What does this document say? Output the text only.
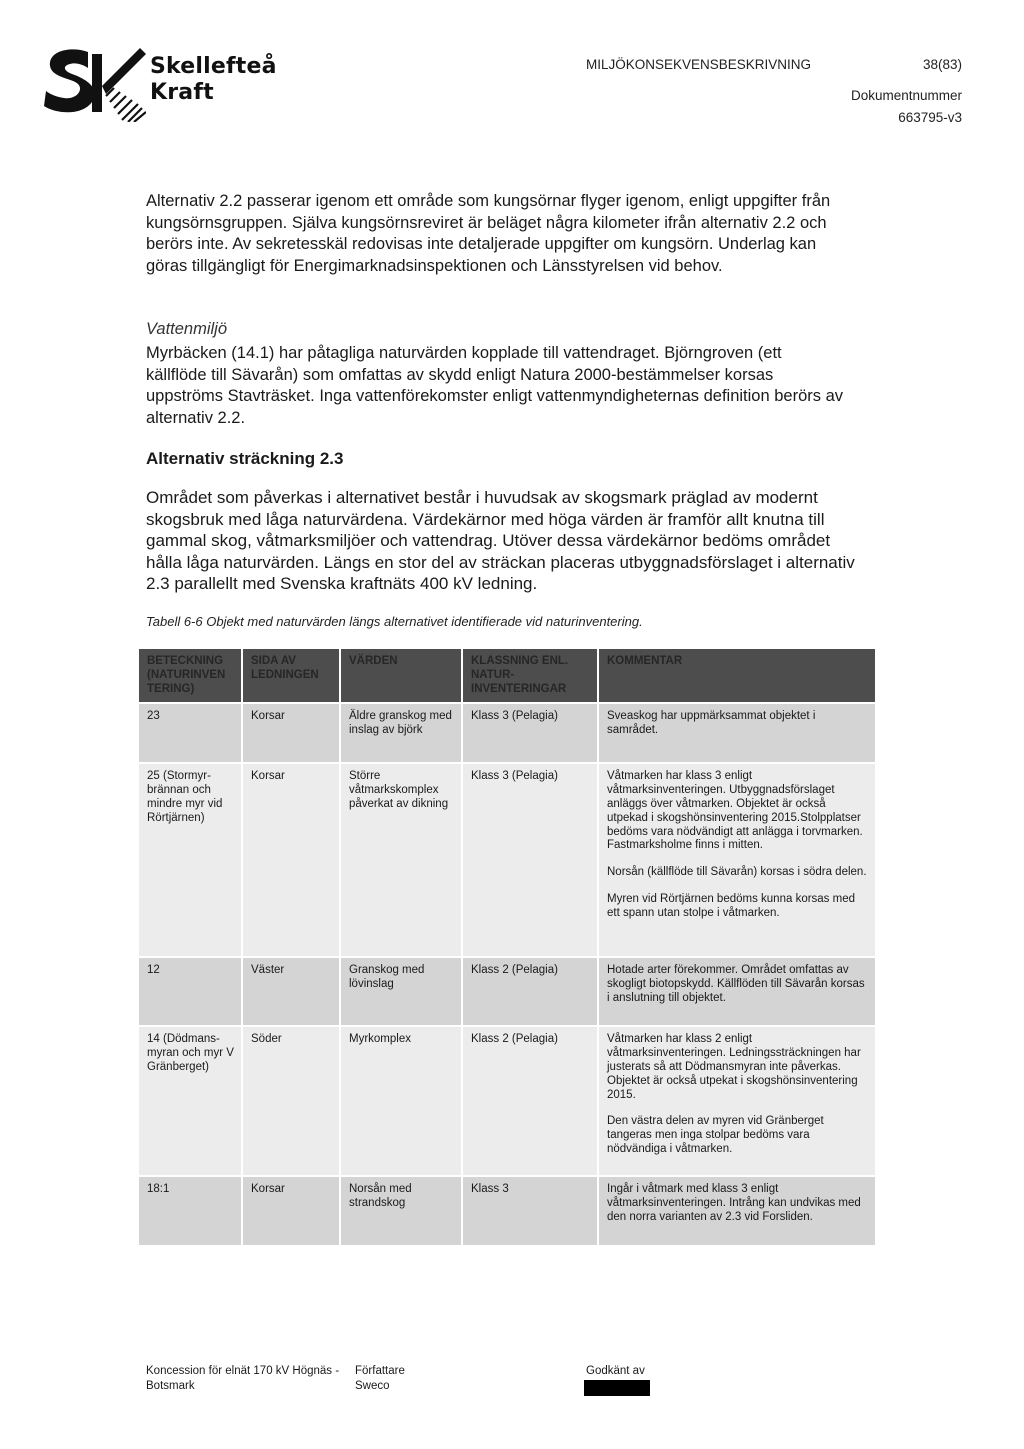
Skellefteå
Kraft
MILJÖKONSEKVENSBESKRIVNING	38(83)
Dokumentnummer
663795-v3
Alternativ 2.2 passerar igenom ett område som kungsörnar flyger igenom, enligt uppgifter från kungsörnsgruppen. Själva kungsörnsreviret är beläget några kilometer ifrån alternativ 2.2 och berörs inte. Av sekretesskäl redovisas inte detaljerade uppgifter om kungsörn. Underlag kan göras tillgängligt för Energimarknadsinspektionen och Länsstyrelsen vid behov.
Vattenmiljö
Myrbäcken (14.1) har påtagliga naturvärden kopplade till vattendraget. Björngroven (ett källflöde till Sävarån) som omfattas av skydd enligt Natura 2000-bestämmelser korsas uppströms Stavträsket. Inga vattenförekomster enligt vattenmyndigheternas definition berörs av alternativ 2.2.
Alternativ sträckning 2.3
Området som påverkas i alternativet består i huvudsak av skogsmark präglad av modernt skogsbruk med låga naturvärdena. Värdekärnor med höga värden är framför allt knutna till gammal skog, våtmarksmiljöer och vattendrag. Utöver dessa värdekärnor bedöms området hålla låga naturvärden. Längs en stor del av sträckan placeras utbyggnadsförslaget i alternativ 2.3 parallellt med Svenska kraftnäts 400 kV ledning.
Tabell 6-6 Objekt med naturvärden längs alternativet identifierade vid naturinventering.
BETECKNING (NATURINVEN TERING)	SIDA AV LEDNINGEN	VÄRDEN	KLASSNING ENL. NATUR-INVENTERINGAR	KOMMENTAR
23	Korsar	Äldre granskog med inslag av björk	Klass 3 (Pelagia)	Sveaskog har uppmärksammat objektet i samrådet.

25 (Stormyr-brännan och mindre myr vid Rörtjärnen)	Korsar	Större våtmarkskomplex påverkat av dikning	Klass 3 (Pelagia)	Våtmarken har klass 3 enligt våtmarksinventeringen. Utbyggnadsförslaget anläggs över våtmarken. Objektet är också utpekad i skogshönsinventering 2015.Stolpplatser bedöms vara nödvändigt att anlägga i torvmarken. Fastmarksholme finns i mitten.

Norsån (källflöde till Sävarån) korsas i södra delen.

Myren vid Rörtjärnen bedöms kunna korsas med ett spann utan stolpe i våtmarken.

12	Väster	Granskog med lövinslag	Klass 2 (Pelagia)	Hotade arter förekommer. Området omfattas av skogligt biotopskydd. Källflöden till Sävarån korsas i anslutning till objektet.

14 (Dödmans-myran och myr V Gränberget)	Söder	Myrkomplex	Klass 2 (Pelagia)	Våtmarken har klass 2 enligt våtmarksinventeringen. Ledningssträckningen har justerats så att Dödmansmyran inte påverkas. Objektet är också utpekat i skogshönsinventering 2015.

Den västra delen av myren vid Gränberget tangeras men inga stolpar bedöms vara nödvändiga i våtmarken.

18:1	Korsar	Norsån med strandskog	Klass 3	Ingår i våtmark med klass 3 enligt våtmarksinventeringen. Intrång kan undvikas med den norra varianten av 2.3 vid Forsliden.

Koncession för elnät 170 kV Högnäs - Botsmark
Författare
Sweco
Godkänt av
